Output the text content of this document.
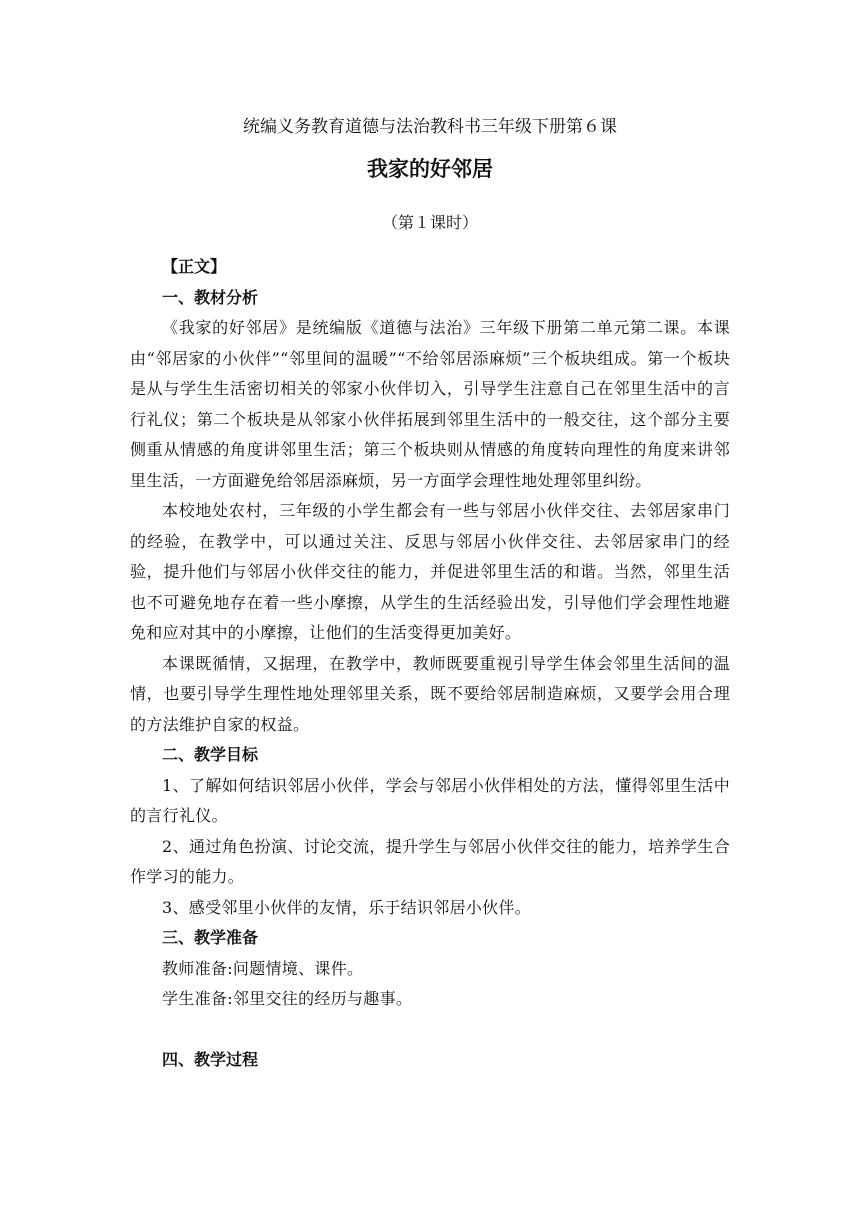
统编义务教育道德与法治教科书三年级下册第６课
我家的好邻居
（第１课时）
【正文】
一、教材分析

《我家的好邻居》是统编版《道德与法治》三年级下册第二单元第二课。本课由“邻居家的小伙伴”“邻里间的温暖”“不给邻居添麻烦”三个板块组成。第一个板块是从与学生生活密切相关的邻家小伙伴切入，引导学生注意自己在邻里生活中的言行礼仪；第二个板块是从邻家小伙伴拓展到邻里生活中的一般交往，这个部分主要侧重从情感的角度讲邻里生活；第三个板块则从情感的角度转向理性的角度来讲邻里生活，一方面避免给邻居添麻烦，另一方面学会理性地处理邻里纠纷。

本校地处农村，三年级的小学生都会有一些与邻居小伙伴交往、去邻居家串门的经验，在教学中，可以通过关注、反思与邻居小伙伴交往、去邻居家串门的经验，提升他们与邻居小伙伴交往的能力，并促进邻里生活的和谐。当然，邻里生活也不可避免地存在着一些小摩擦，从学生的生活经验出发，引导他们学会理性地避免和应对其中的小摩擦，让他们的生活变得更加美好。

本课既循情，又据理，在教学中，教师既要重视引导学生体会邻里生活间的温情，也要引导学生理性地处理邻里关系，既不要给邻居制造麻烦，又要学会用合理的方法维护自家的权益。

二、教学目标

1、了解如何结识邻居小伙伴，学会与邻居小伙伴相处的方法，懂得邻里生活中的言行礼仪。

2、通过角色扮演、讨论交流，提升学生与邻居小伙伴交往的能力，培养学生合作学习的能力。

3、感受邻里小伙伴的友情，乐于结识邻居小伙伴。

三、教学准备

教师准备:问题情境、课件。

学生准备:邻里交往的经历与趣事。

四、教学过程
